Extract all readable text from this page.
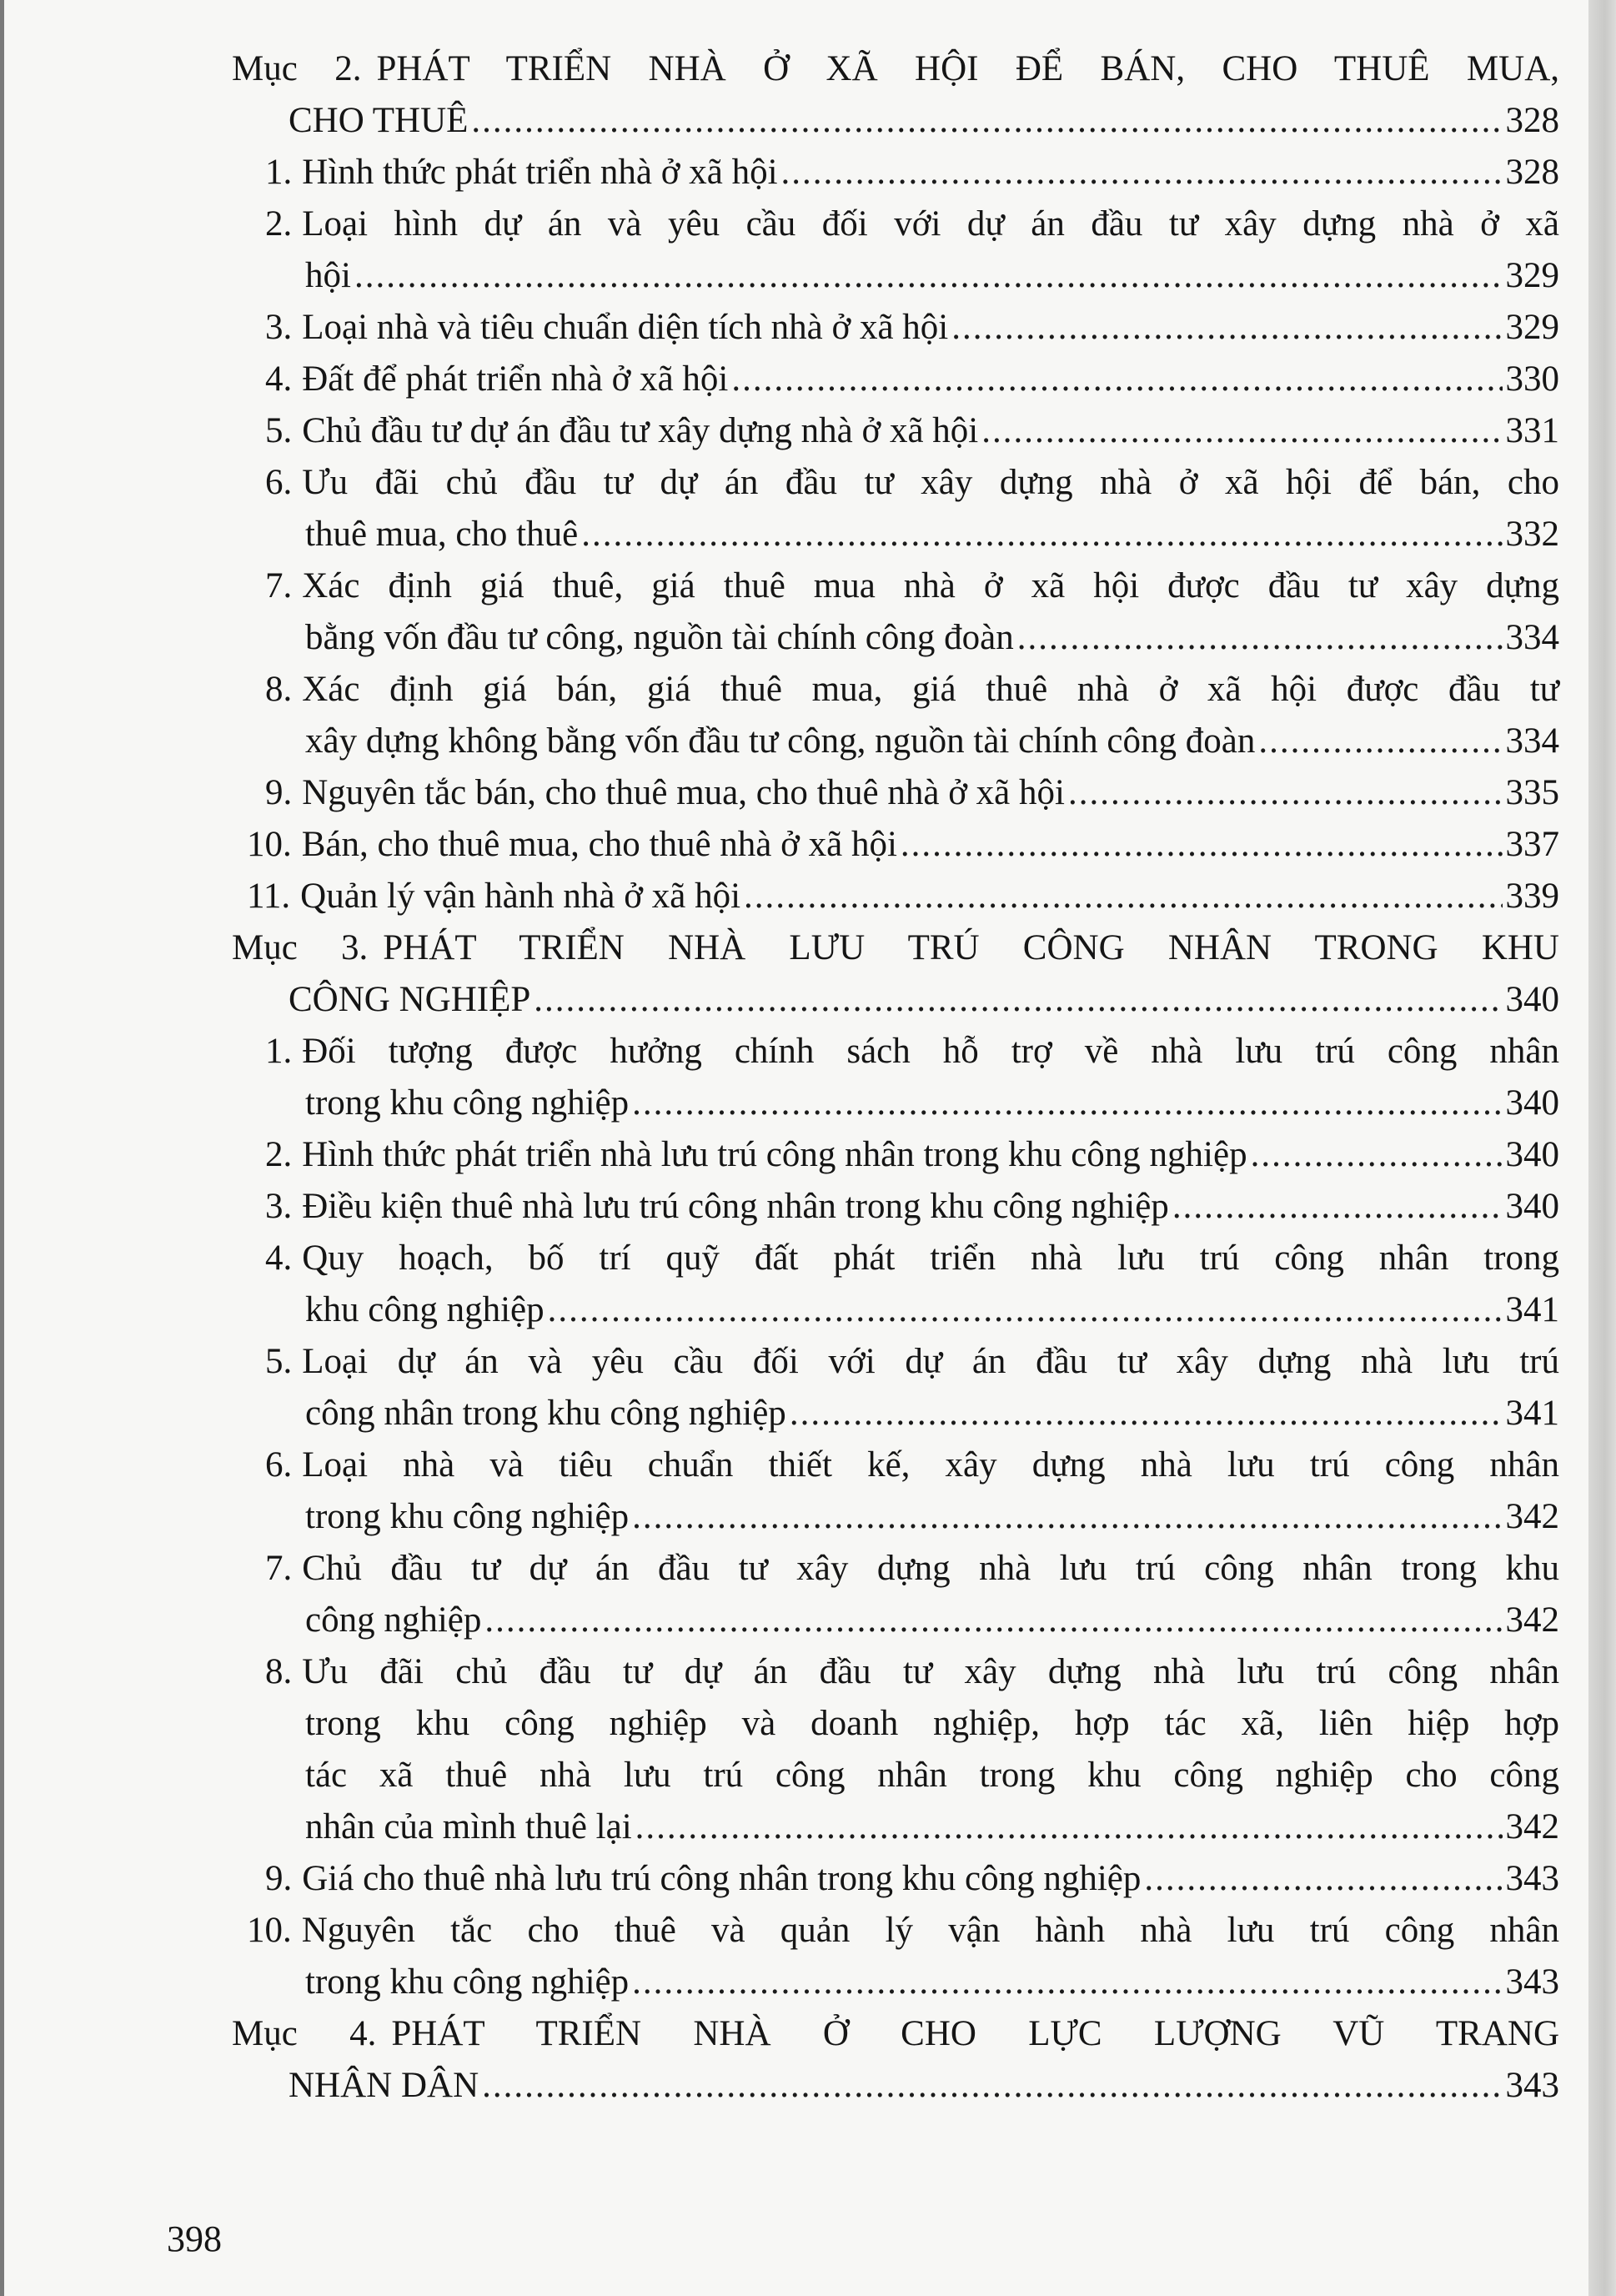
Mục 2. PHÁT TRIỂN NHÀ Ở XÃ HỘI ĐỂ BÁN, CHO THUÊ MUA,
CHO THUÊ .....	328
1. Hình thức phát triển nhà ở xã hội .....	328
2. Loại hình dự án và yêu cầu đối với dự án đầu tư xây dựng nhà ở xã
hội .....	329
3. Loại nhà và tiêu chuẩn diện tích nhà ở xã hội .....	329
4. Đất để phát triển nhà ở xã hội .....	330
5. Chủ đầu tư dự án đầu tư xây dựng nhà ở xã hội .....	331
6. Ưu đãi chủ đầu tư dự án đầu tư xây dựng nhà ở xã hội để bán, cho
thuê mua, cho thuê .....	332
7. Xác định giá thuê, giá thuê mua nhà ở xã hội được đầu tư xây dựng
bằng vốn đầu tư công, nguồn tài chính công đoàn .....	334
8. Xác định giá bán, giá thuê mua, giá thuê nhà ở xã hội được đầu tư
xây dựng không bằng vốn đầu tư công, nguồn tài chính công đoàn .....	334
9. Nguyên tắc bán, cho thuê mua, cho thuê nhà ở xã hội .....	335
10. Bán, cho thuê mua, cho thuê nhà ở xã hội .....	337
11. Quản lý vận hành nhà ở xã hội .....	339
Mục 3. PHÁT TRIỂN NHÀ LƯU TRÚ CÔNG NHÂN TRONG KHU
CÔNG NGHIỆP .....	340
1. Đối tượng được hưởng chính sách hỗ trợ về nhà lưu trú công nhân
trong khu công nghiệp .....	340
2. Hình thức phát triển nhà lưu trú công nhân trong khu công nghiệp .....	340
3. Điều kiện thuê nhà lưu trú công nhân trong khu công nghiệp .....	340
4. Quy hoạch, bố trí quỹ đất phát triển nhà lưu trú công nhân trong
khu công nghiệp .....	341
5. Loại dự án và yêu cầu đối với dự án đầu tư xây dựng nhà lưu trú
công nhân trong khu công nghiệp .....	341
6. Loại nhà và tiêu chuẩn thiết kế, xây dựng nhà lưu trú công nhân
trong khu công nghiệp .....	342
7. Chủ đầu tư dự án đầu tư xây dựng nhà lưu trú công nhân trong khu
công nghiệp .....	342
8. Ưu đãi chủ đầu tư dự án đầu tư xây dựng nhà lưu trú công nhân
trong khu công nghiệp và doanh nghiệp, hợp tác xã, liên hiệp hợp
tác xã thuê nhà lưu trú công nhân trong khu công nghiệp cho công
nhân của mình thuê lại .....	342
9. Giá cho thuê nhà lưu trú công nhân trong khu công nghiệp .....	343
10. Nguyên tắc cho thuê và quản lý vận hành nhà lưu trú công nhân
trong khu công nghiệp .....	343
Mục 4. PHÁT TRIỂN NHÀ Ở CHO LỰC LƯỢNG VŨ TRANG
NHÂN DÂN .....	343
398
